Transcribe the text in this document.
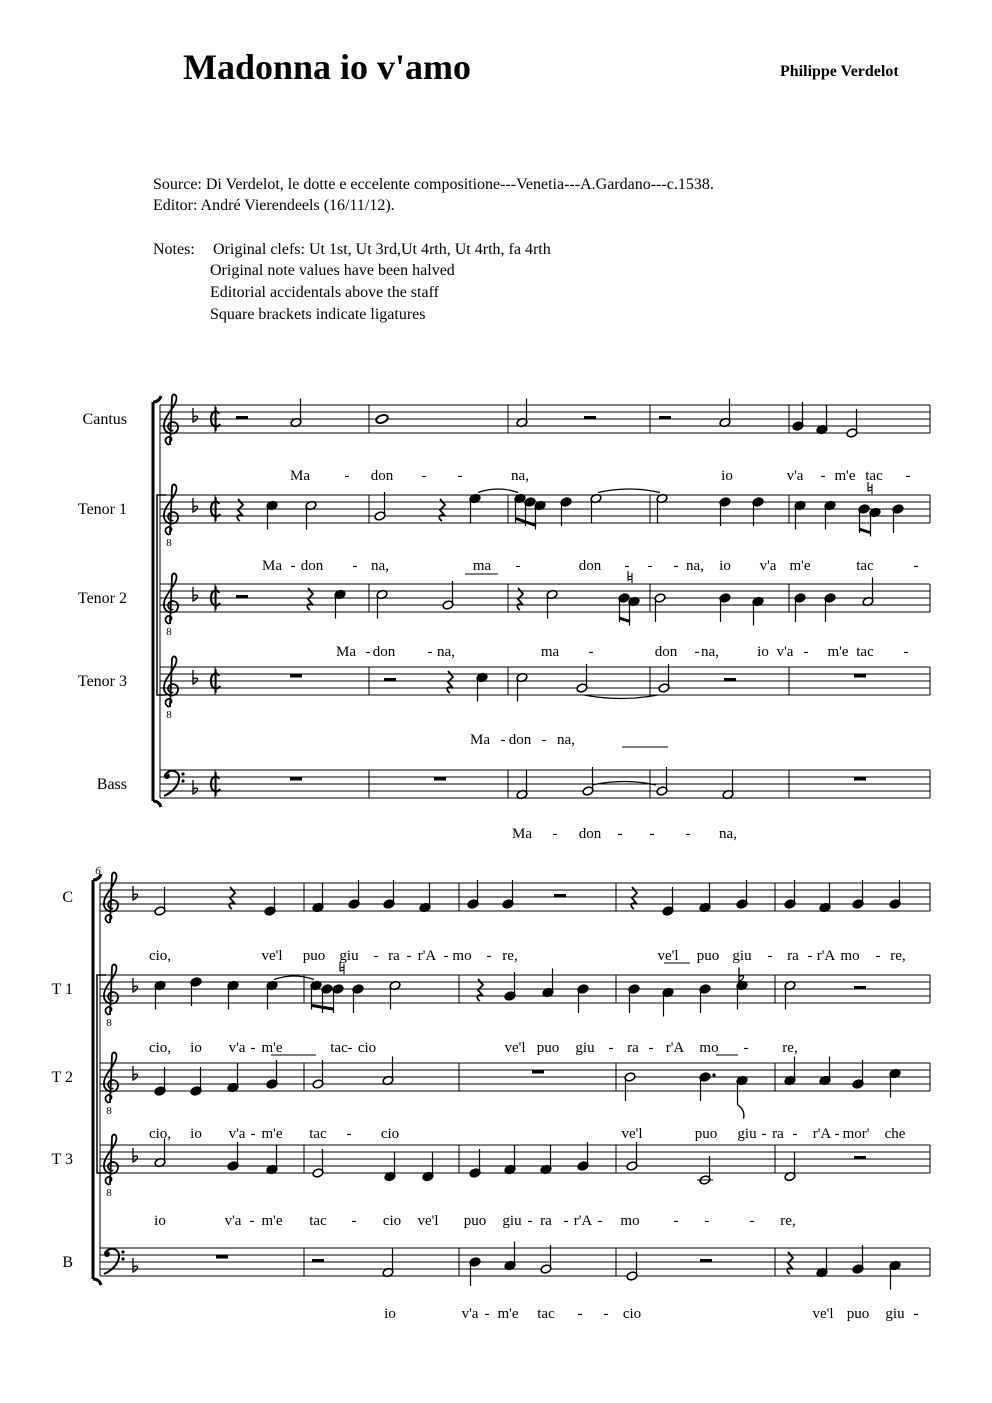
Madonna io v'amo	Philippe Verdelot
Source: Di Verdelot, le dotte e eccelente compositione---Venetia---A.Gardano---c.1538.
Editor: André Vierendeels (16/11/12).
Notes: Original clefs: Ut 1st, Ut 3rd,Ut 4rth, Ut 4rth, fa 4rth
Original note values have been halved
Editorial accidentals above the staff
Square brackets indicate ligatures
Cantus
8
Tenor 1
8
Tenor 2
8
Tenor 3
Bass
C
8
T 1
8
T 2
8
T 3
B
6
Ma - don - -	na,	io	v'a - m'e tac -
Ma - don - na,	ma -	don - - - na, io v'a m'e	tac	-
Ma - don - na,	ma -	don - na,	io v'a - m'e tac -
Ma - don - na,
Ma - don - - - na,
cio,	ve'l puo giu - ra - r'A - mo - re,	ve'l puo giu - ra - r'A mo - re,
cio, io v'a - m'e	tac - cio	ve'l puo giu - ra - r'A mo - re,
cio, io v'a - m'e tac - cio	ve'l	puo giu - ra - r'A - mor' che
io	v'a - m'e tac - cio ve'l puo giu - ra - r'A - mo - -	- re,
io	v'a - m'e tac - - cio	ve'l puo giu -
